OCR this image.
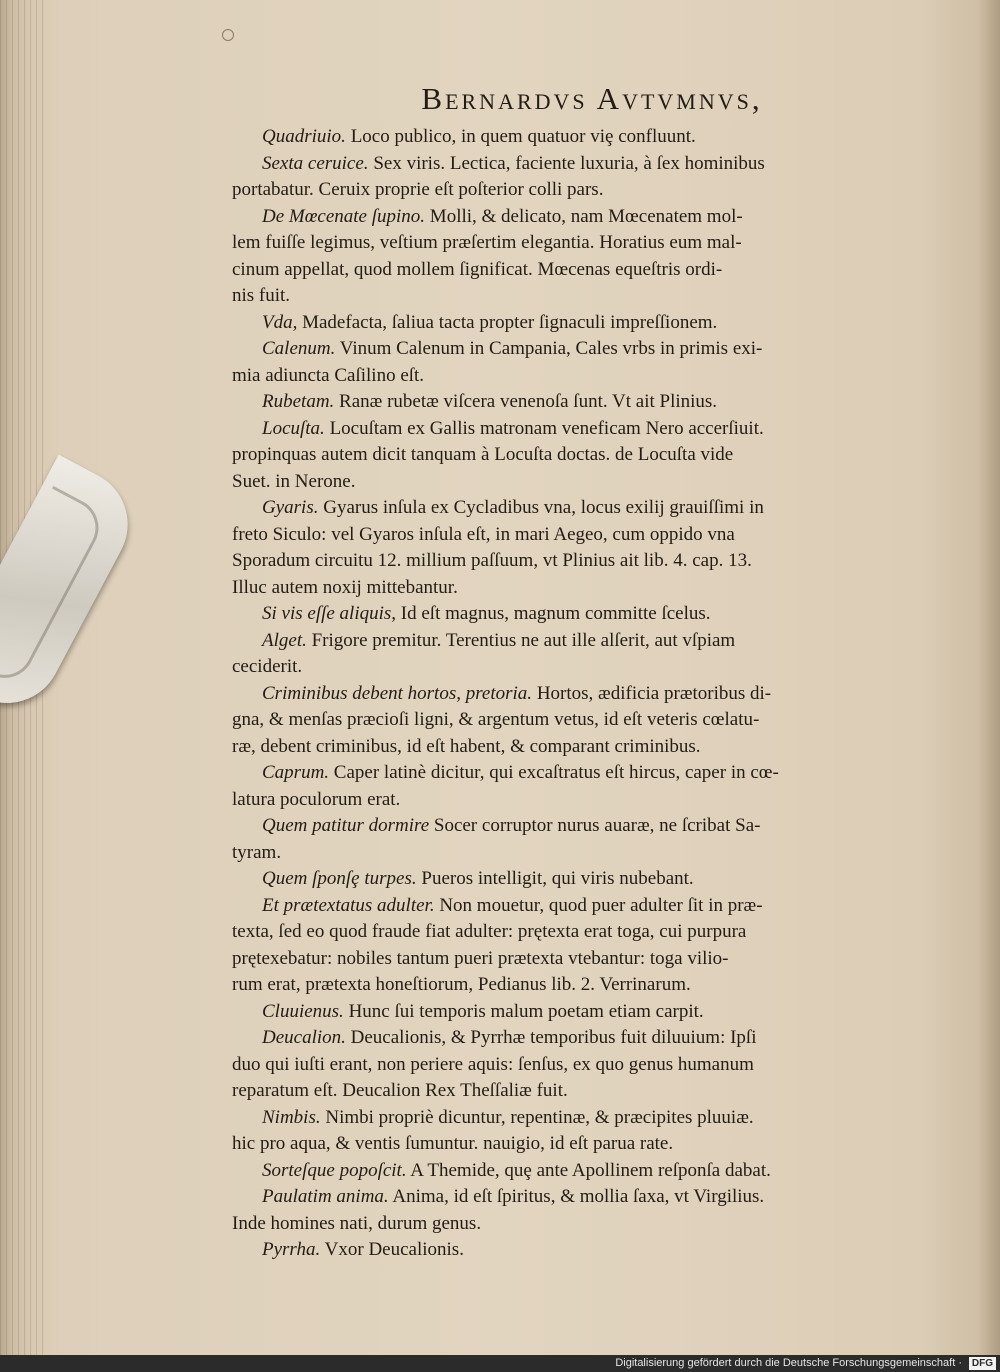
Bernardvs Avtvmnvs,

Quadriuio. Loco publico, in quem quatuor viȩ confluunt.

Sexta ceruice. Sex viris. Lectica, faciente luxuria, à ſex hominibus
portabatur. Ceruix proprie eſt poſterior colli pars.

De Mœcenate ſupino. Molli, & delicato, nam Mœcenatem mol-
lem fuiſſe legimus, veſtium præſertim elegantia. Horatius eum mal-
cinum appellat, quod mollem ſignificat. Mœcenas equeſtris ordi-
nis fuit.

Vda, Madefacta, ſaliua tacta propter ſignaculi impreſſionem.

Calenum. Vinum Calenum in Campania, Cales vrbs in primis exi-
mia adiuncta Caſilino eſt.

Rubetam. Ranæ rubetæ viſcera venenoſa ſunt. Vt ait Plinius.

Locuſta. Locuſtam ex Gallis matronam veneficam Nero accerſiuit.
propinquas autem dicit tanquam à Locuſta doctas. de Locuſta vide
Suet. in Nerone.

Gyaris. Gyarus inſula ex Cycladibus vna, locus exilij grauiſſimi in
freto Siculo: vel Gyaros inſula eſt, in mari Aegeo, cum oppido vna
Sporadum circuitu 12. millium paſſuum, vt Plinius ait lib. 4. cap. 13.
Illuc autem noxij mittebantur.

Si vis eſſe aliquis, Id eſt magnus, magnum committe ſcelus.

Alget. Frigore premitur. Terentius ne aut ille alſerit, aut vſpiam
ceciderit.

Criminibus debent hortos, pretoria. Hortos, ædificia prætoribus di-
gna, & menſas præcioſi ligni, & argentum vetus, id eſt veteris cœlatu-
ræ, debent criminibus, id eſt habent, & comparant criminibus.

Caprum. Caper latinè dicitur, qui excaſtratus eſt hircus, caper in cœ-
latura poculorum erat.

Quem patitur dormire Socer corruptor nurus auaræ, ne ſcribat Sa-
tyram.

Quem ſponſȩ turpes. Pueros intelligit, qui viris nubebant.

Et prætextatus adulter. Non mouetur, quod puer adulter ſit in præ-
texta, ſed eo quod fraude fiat adulter: prętexta erat toga, cui purpura
prętexebatur: nobiles tantum pueri prætexta vtebantur: toga vilio-
rum erat, prætexta honeſtiorum, Pedianus lib. 2. Verrinarum.

Cluuienus. Hunc ſui temporis malum poetam etiam carpit.

Deucalion. Deucalionis, & Pyrrhæ temporibus fuit diluuium: Ipſi
duo qui iuſti erant, non periere aquis: ſenſus, ex quo genus humanum
reparatum eſt. Deucalion Rex Theſſaliæ fuit.

Nimbis. Nimbi propriè dicuntur, repentinæ, & præcipites pluuiæ.
hic pro aqua, & ventis ſumuntur. nauigio, id eſt parua rate.

Sorteſque popoſcit. A Themide, quȩ ante Apollinem reſponſa dabat.

Paulatim anima. Anima, id eſt ſpiritus, & mollia ſaxa, vt Virgilius.
Inde homines nati, durum genus.

Pyrrha. Vxor Deucalionis.

Digitalisierung gefördert durch die Deutsche Forschungsgemeinschaft · DFG
